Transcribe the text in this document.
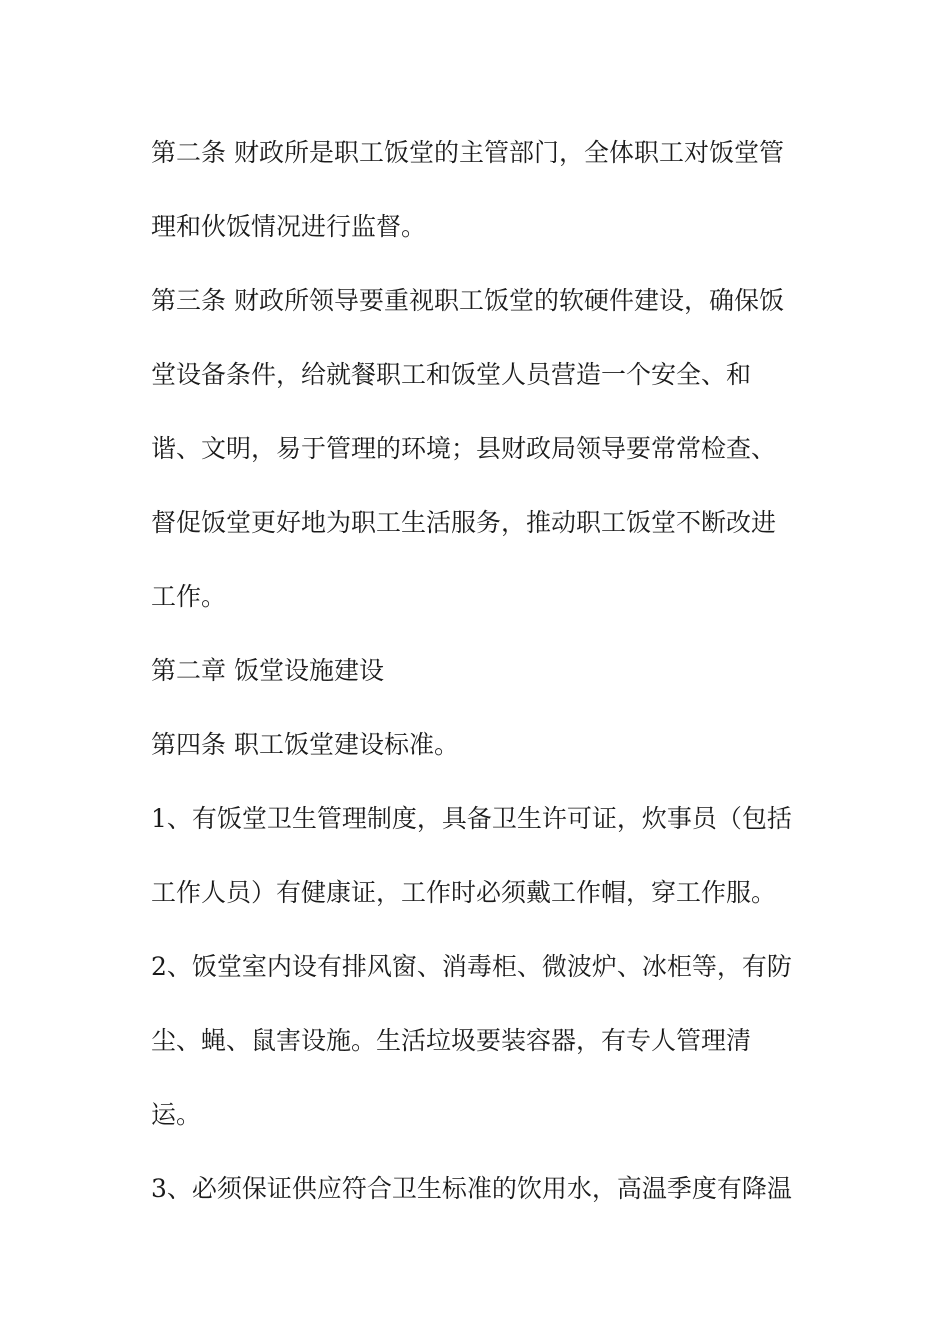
第二条 财政所是职工饭堂的主管部门，全体职工对饭堂管
理和伙饭情况进行监督。
第三条 财政所领导要重视职工饭堂的软硬件建设，确保饭
堂设备条件，给就餐职工和饭堂人员营造一个安全、和
谐、文明，易于管理的环境；县财政局领导要常常检查、
督促饭堂更好地为职工生活服务，推动职工饭堂不断改进
工作。
第二章 饭堂设施建设
第四条 职工饭堂建设标准。
1、有饭堂卫生管理制度，具备卫生许可证，炊事员（包括
工作人员）有健康证，工作时必须戴工作帽，穿工作服。
2、饭堂室内设有排风窗、消毒柜、微波炉、冰柜等，有防
尘、蝇、鼠害设施。生活垃圾要装容器，有专人管理清
运。
3、必须保证供应符合卫生标准的饮用水，高温季度有降温
